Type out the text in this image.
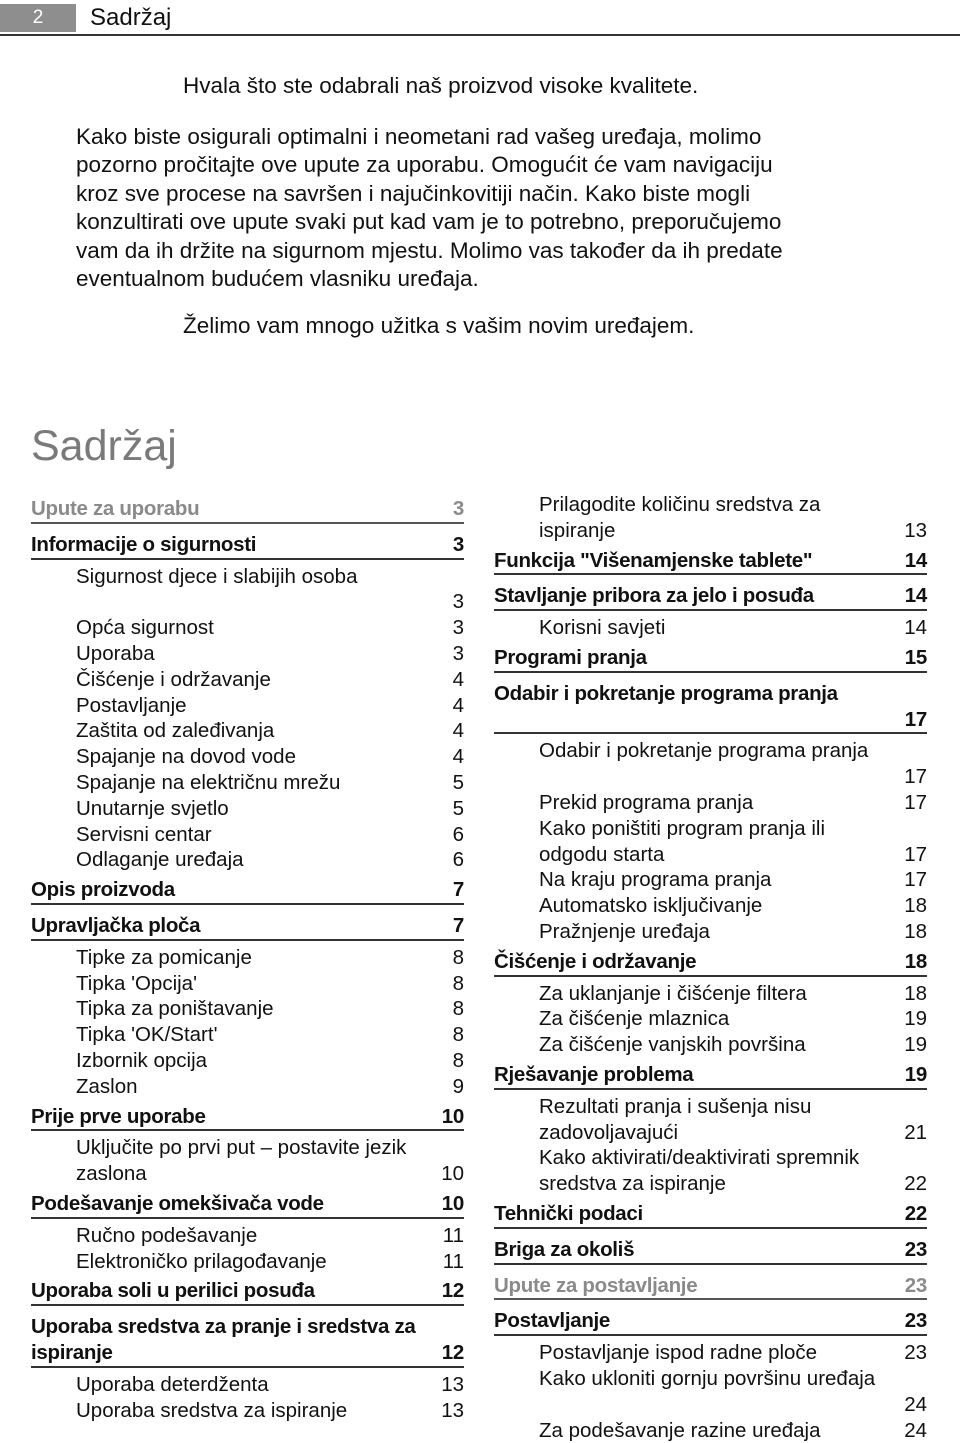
2	Sadržaj
Hvala što ste odabrali naš proizvod visoke kvalitete.
Kako biste osigurali optimalni i neometani rad vašeg uređaja, molimo
pozorno pročitajte ove upute za uporabu. Omogućit će vam navigaciju
kroz sve procese na savršen i najučinkovitiji način. Kako biste mogli
konzultirati ove upute svaki put kad vam je to potrebno, preporučujemo
vam da ih držite na sigurnom mjestu. Molimo vas također da ih predate
eventualnom budućem vlasniku uređaja.
Želimo vam mnogo užitka s vašim novim uređajem.
Sadržaj
Upute za uporabu	3
Informacije o sigurnosti	3
Sigurnost djece i slabijih osoba
3
Opća sigurnost	3
Uporaba	3
Čišćenje i održavanje	4
Postavljanje	4
Zaštita od zaleđivanja	4
Spajanje na dovod vode	4
Spajanje na električnu mrežu	5
Unutarnje svjetlo	5
Servisni centar	6
Odlaganje uređaja	6
Opis proizvoda	7
Upravljačka ploča	7
Tipke za pomicanje	8
Tipka 'Opcija'	8
Tipka za poništavanje	8
Tipka 'OK/Start'	8
Izbornik opcija	8
Zaslon	9
Prije prve uporabe	10
Uključite po prvi put – postavite jezik
zaslona	10
Podešavanje omekšivača vode	10
Ručno podešavanje	11
Elektroničko prilagođavanje	11
Uporaba soli u perilici posuđa	12
Uporaba sredstva za pranje i sredstva za
ispiranje	12
Uporaba deterdženta	13
Uporaba sredstva za ispiranje	13
Prilagodite količinu sredstva za
ispiranje	13
Funkcija "Višenamjenske tablete"	14
Stavljanje pribora za jelo i posuđa	14
Korisni savjeti	14
Programi pranja	15
Odabir i pokretanje programa pranja
17
Odabir i pokretanje programa pranja
17
Prekid programa pranja	17
Kako poništiti program pranja ili
odgodu starta	17
Na kraju programa pranja	17
Automatsko isključivanje	18
Pražnjenje uređaja	18
Čišćenje i održavanje	18
Za uklanjanje i čišćenje filtera	18
Za čišćenje mlaznica	19
Za čišćenje vanjskih površina	19
Rješavanje problema	19
Rezultati pranja i sušenja nisu
zadovoljavajući	21
Kako aktivirati/deaktivirati spremnik
sredstva za ispiranje	22
Tehnički podaci	22
Briga za okoliš	23
Upute za postavljanje	23
Postavljanje	23
Postavljanje ispod radne ploče	23
Kako ukloniti gornju površinu uređaja
24
Za podešavanje razine uređaja	24
